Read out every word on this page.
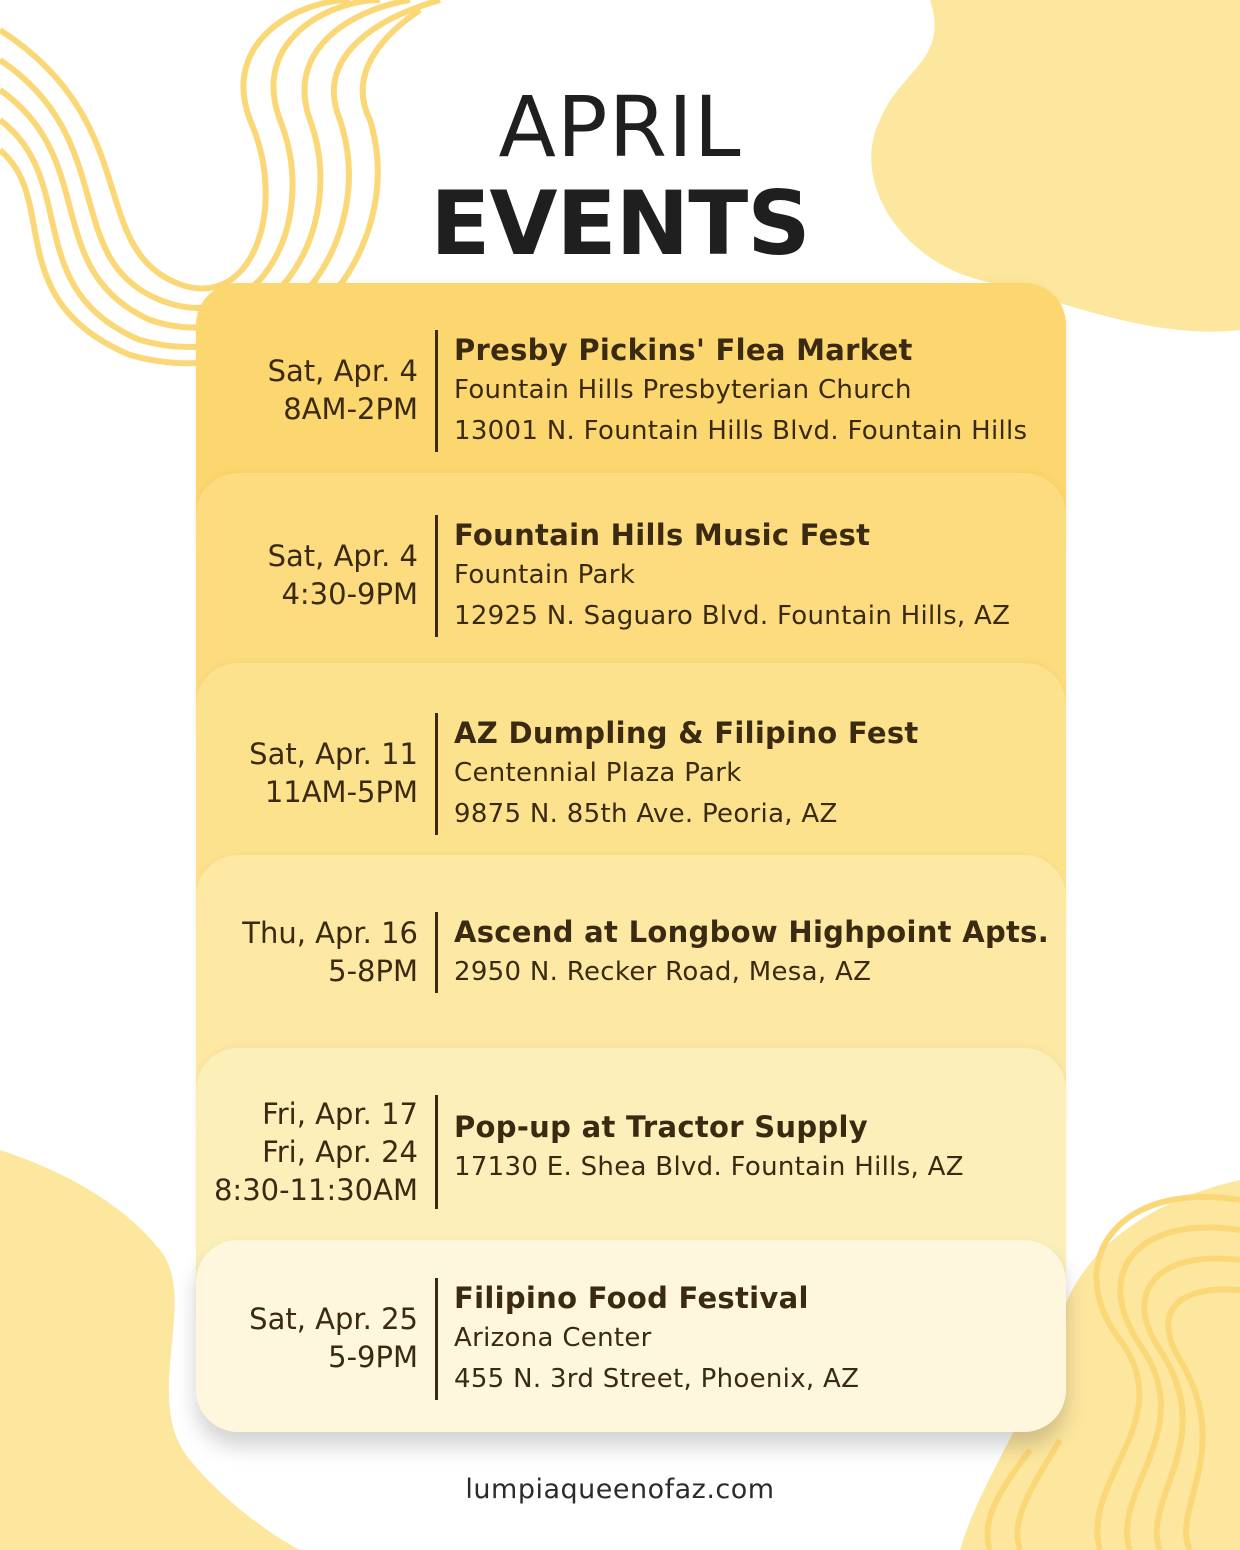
APRIL
EVENTS
Sat, Apr. 4
8AM-2PM
Presby Pickins' Flea Market
Fountain Hills Presbyterian Church
13001 N. Fountain Hills Blvd. Fountain Hills
Sat, Apr. 4
4:30-9PM
Fountain Hills Music Fest
Fountain Park
12925 N. Saguaro Blvd. Fountain Hills, AZ
Sat, Apr. 11
11AM-5PM
AZ Dumpling & Filipino Fest
Centennial Plaza Park
9875 N. 85th Ave. Peoria, AZ
Thu, Apr. 16
5-8PM
Ascend at Longbow Highpoint Apts.
2950 N. Recker Road, Mesa, AZ
Fri, Apr. 17
Fri, Apr. 24
8:30-11:30AM
Pop-up at Tractor Supply
17130 E. Shea Blvd. Fountain Hills, AZ
Sat, Apr. 25
5-9PM
Filipino Food Festival
Arizona Center
455 N. 3rd Street, Phoenix, AZ
lumpiaqueenofaz.com
